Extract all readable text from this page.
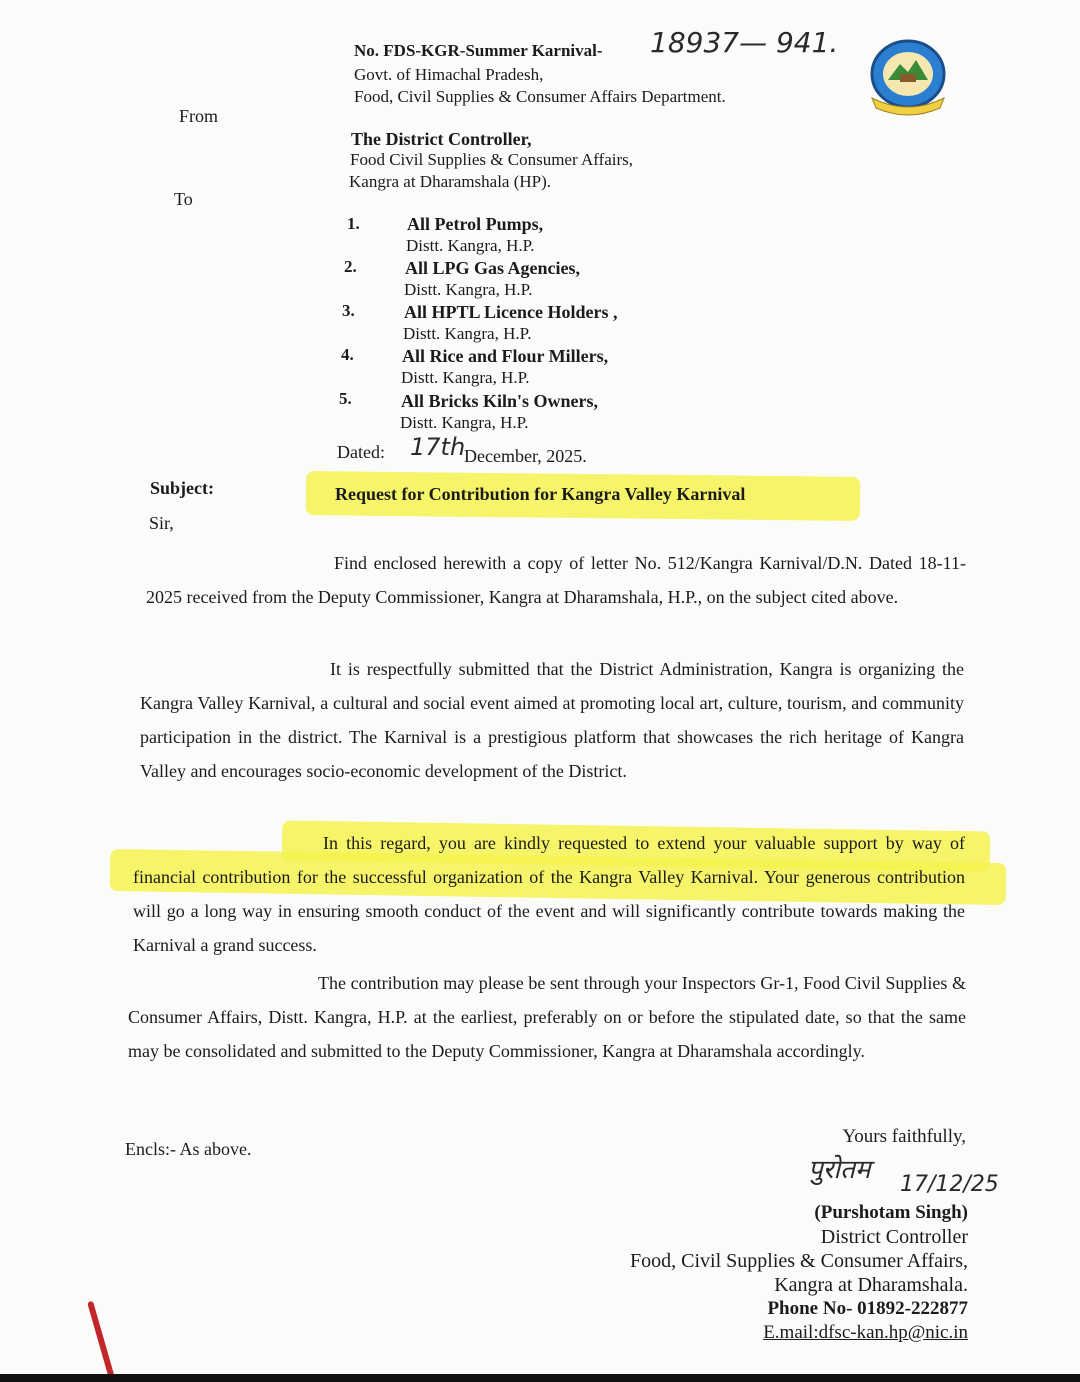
No. FDS-KGR-Summer Karnival- 18937— 941.
Govt. of Himachal Pradesh,
Food, Civil Supplies & Consumer Affairs Department.
From
The District Controller,
Food Civil Supplies & Consumer Affairs,
Kangra at Dharamshala (HP).
To
1.	All Petrol Pumps,
Distt. Kangra, H.P.
2.	All LPG Gas Agencies,
Distt. Kangra, H.P.
3.	All HPTL Licence Holders ,
Distt. Kangra, H.P.
4.	All Rice and Flour Millers,
Distt. Kangra, H.P.
5.	All Bricks Kiln's Owners,
Distt. Kangra, H.P.
Dated: 17th
December, 2025.
Subject:	Request for Contribution for Kangra Valley Karnival
Sir,

Find enclosed herewith a copy of letter No. 512/Kangra Karnival/D.N. Dated 18-11-2025 received from the Deputy Commissioner, Kangra at Dharamshala, H.P., on the subject cited above.

It is respectfully submitted that the District Administration, Kangra is organizing the Kangra Valley Karnival, a cultural and social event aimed at promoting local art, culture, tourism, and community participation in the district. The Karnival is a prestigious platform that showcases the rich heritage of Kangra Valley and encourages socio-economic development of the District.

In this regard, you are kindly requested to extend your valuable support by way of financial contribution for the successful organization of the Kangra Valley Karnival. Your generous contribution will go a long way in ensuring smooth conduct of the event and will significantly contribute towards making the Karnival a grand success.

The contribution may please be sent through your Inspectors Gr-1, Food Civil Supplies & Consumer Affairs, Distt. Kangra, H.P. at the earliest, preferably on or before the stipulated date, so that the same may be consolidated and submitted to the Deputy Commissioner, Kangra at Dharamshala accordingly.

Encls:- As above.
Yours faithfully,
पुरोतम 17/12/25
(Purshotam Singh)
District Controller
Food, Civil Supplies & Consumer Affairs,
Kangra at Dharamshala.
Phone No- 01892-222877
E.mail:dfsc-kan.hp@nic.in
